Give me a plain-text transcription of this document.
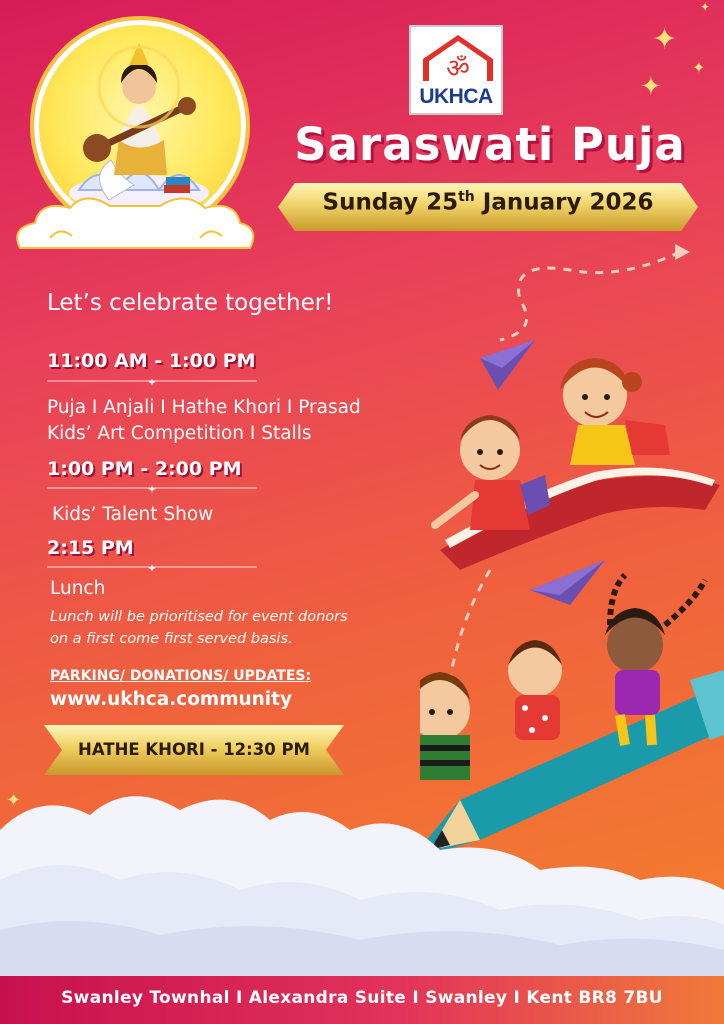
ॐ
UKHCA
✦
✦
✦
✦
✦
Saraswati Puja
Sunday 25th January 2026
Let’s celebrate together!
11:00 AM - 1:00 PM
✦
Puja I Anjali I Hathe Khori I Prasad
Kids’ Art Competition I Stalls
1:00 PM - 2:00 PM
✦
Kids’ Talent Show
2:15 PM
✦
Lunch
Lunch will be prioritised for event donors
on a first come first served basis.
PARKING/ DONATIONS/ UPDATES:
www.ukhca.community
HATHE KHORI - 12:30 PM
Swanley Townhal I Alexandra Suite I Swanley I Kent BR8 7BU
